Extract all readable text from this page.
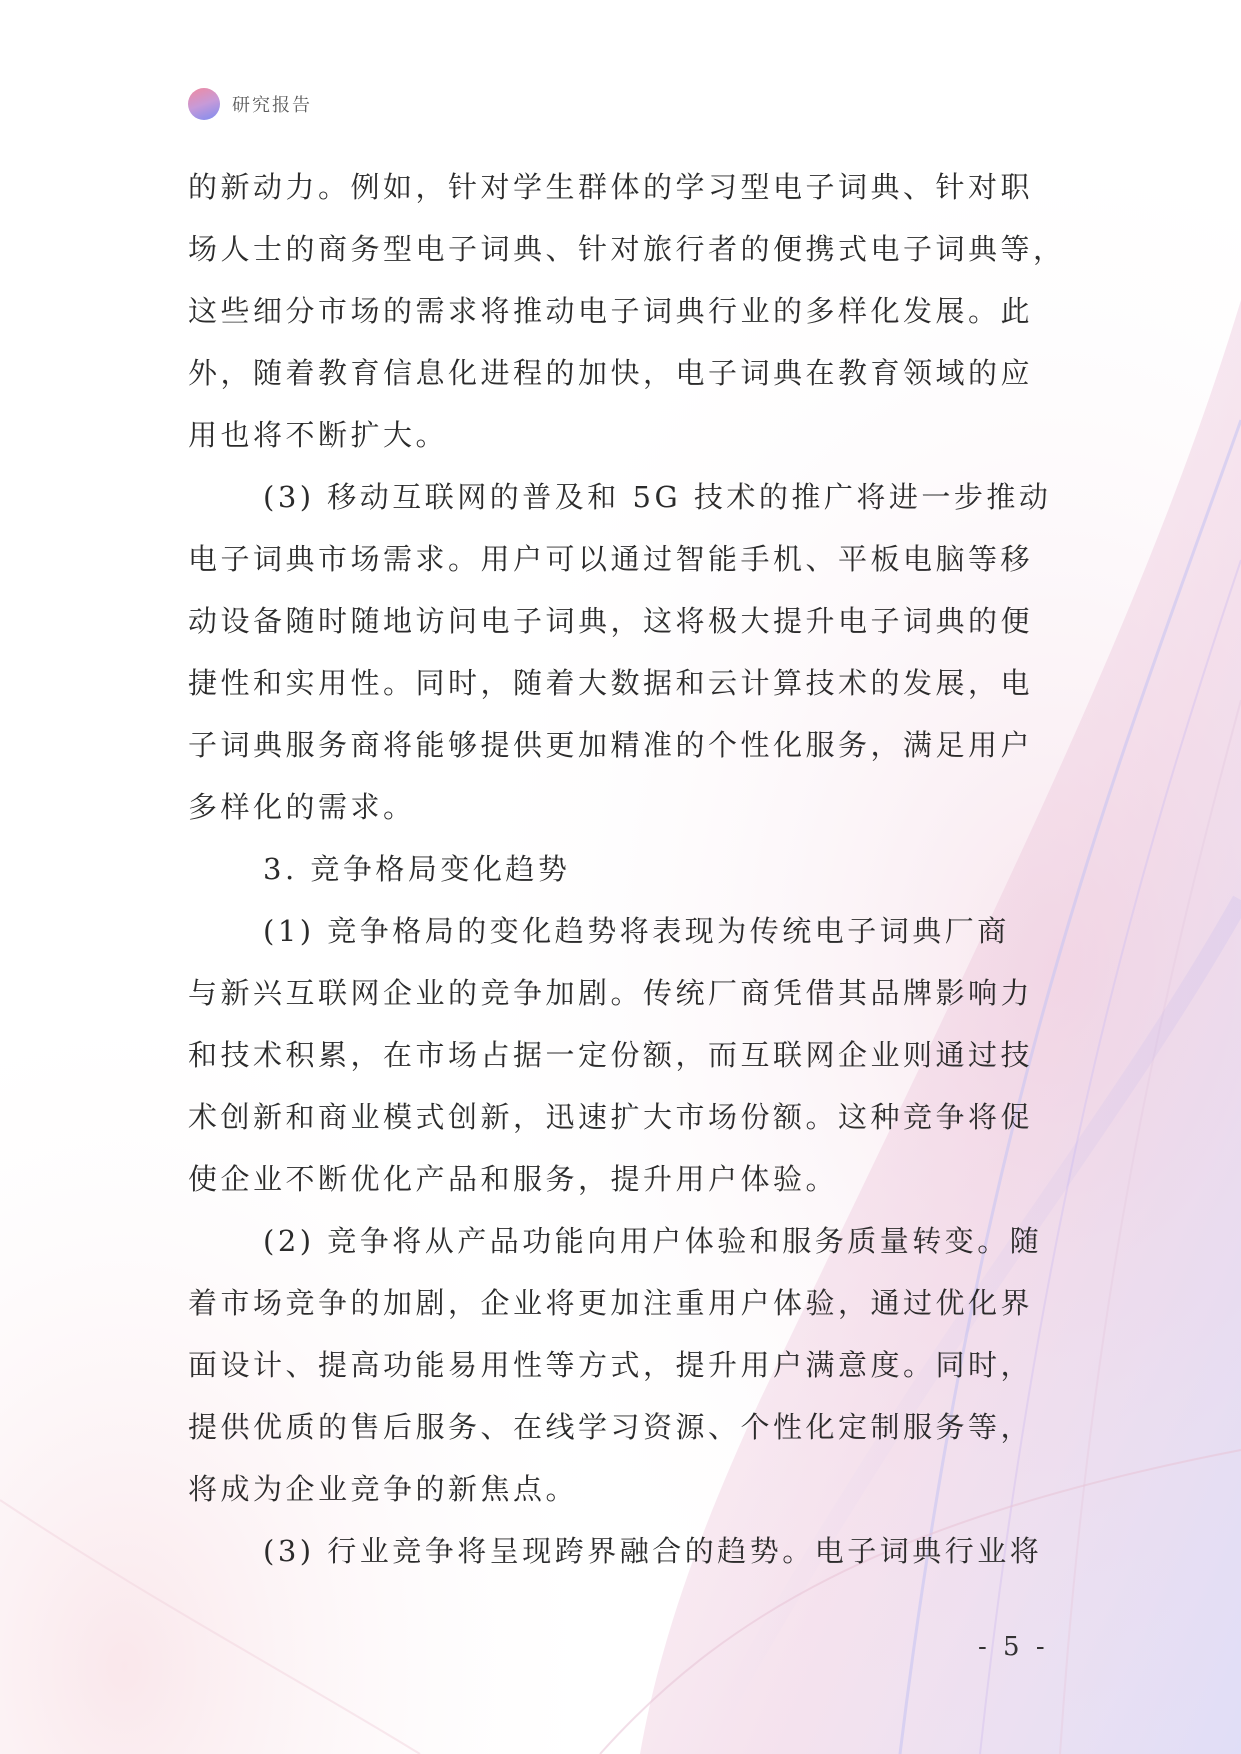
研究报告
的新动力。例如，针对学生群体的学习型电子词典、针对职
场人士的商务型电子词典、针对旅行者的便携式电子词典等，
这些细分市场的需求将推动电子词典行业的多样化发展。此
外，随着教育信息化进程的加快，电子词典在教育领域的应
用也将不断扩大。
(3) 移动互联网的普及和 5G 技术的推广将进一步推动
电子词典市场需求。用户可以通过智能手机、平板电脑等移
动设备随时随地访问电子词典，这将极大提升电子词典的便
捷性和实用性。同时，随着大数据和云计算技术的发展，电
子词典服务商将能够提供更加精准的个性化服务，满足用户
多样化的需求。
3. 竞争格局变化趋势
(1) 竞争格局的变化趋势将表现为传统电子词典厂商
与新兴互联网企业的竞争加剧。传统厂商凭借其品牌影响力
和技术积累，在市场占据一定份额，而互联网企业则通过技
术创新和商业模式创新，迅速扩大市场份额。这种竞争将促
使企业不断优化产品和服务，提升用户体验。
(2) 竞争将从产品功能向用户体验和服务质量转变。随
着市场竞争的加剧，企业将更加注重用户体验，通过优化界
面设计、提高功能易用性等方式，提升用户满意度。同时，
提供优质的售后服务、在线学习资源、个性化定制服务等，
将成为企业竞争的新焦点。
(3) 行业竞争将呈现跨界融合的趋势。电子词典行业将
- 5 -
